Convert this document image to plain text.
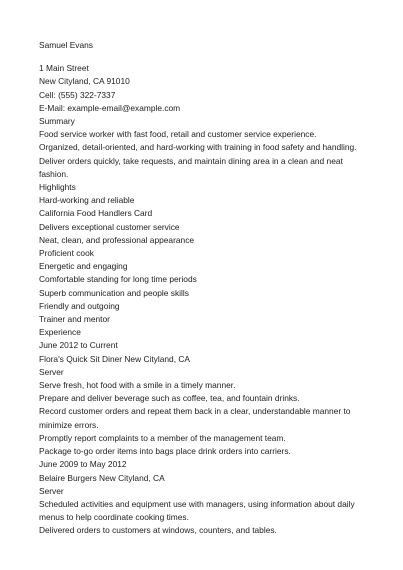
Samuel Evans
1 Main Street
New Cityland, CA 91010
Cell: (555) 322-7337
E-Mail: example-email@example.com
Summary
Food service worker with fast food, retail and customer service experience. Organized, detail-oriented, and hard-working with training in food safety and handling. Deliver orders quickly, take requests, and maintain dining area in a clean and neat fashion.
Highlights
Hard-working and reliable
California Food Handlers Card
Delivers exceptional customer service
Neat, clean, and professional appearance
Proficient cook
Energetic and engaging
Comfortable standing for long time periods
Superb communication and people skills
Friendly and outgoing
Trainer and mentor
Experience
June 2012 to Current
Flora's Quick Sit Diner New Cityland, CA
Server
Serve fresh, hot food with a smile in a timely manner.
Prepare and deliver beverage such as coffee, tea, and fountain drinks.
Record customer orders and repeat them back in a clear, understandable manner to minimize errors.
Promptly report complaints to a member of the management team.
Package to-go order items into bags place drink orders into carriers.
June 2009 to May 2012
Belaire Burgers New Cityland, CA
Server
Scheduled activities and equipment use with managers, using information about daily menus to help coordinate cooking times.
Delivered orders to customers at windows, counters, and tables.
